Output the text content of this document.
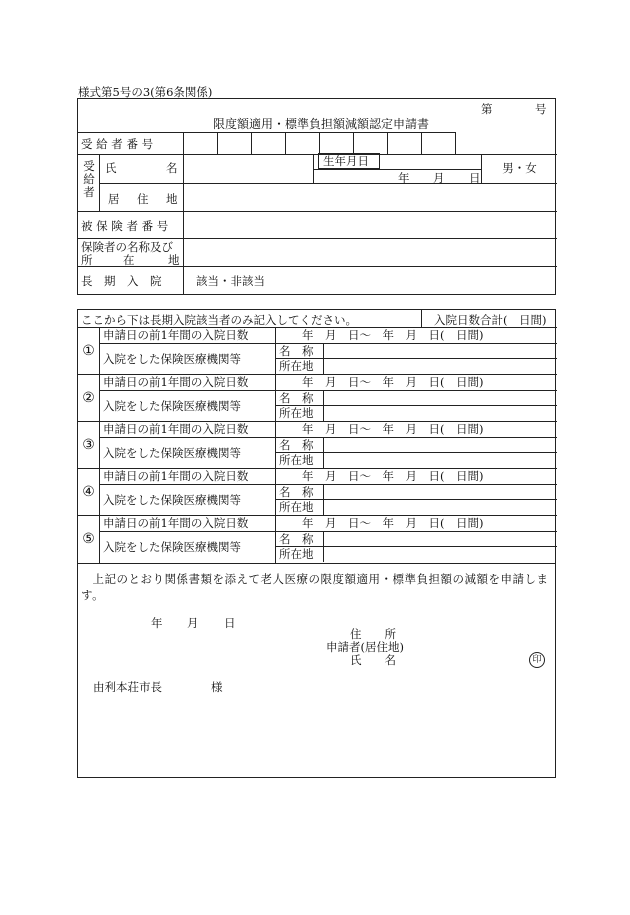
様式第5号の3(第6条関係)
第	号
限度額適用・標準負担額減額認定申請書
受 給 者 番 号									
受
給
者
氏	名	生年月日
年 月 日
男・女
居 住 地
被 保 険 者 番 号
保険者の名称及び
所	在	地
長　期　入　院	該当・非該当
ここから下は長期入院該当者のみ記入してください。	入院日数合計(　日間)
①
申請日の前1年間の入院日数	年　月　日～　年　月　日(　日間)
入院をした保険医療機関等
名　称
所在地
②
申請日の前1年間の入院日数	年　月　日～　年　月　日(　日間)
入院をした保険医療機関等
名　称
所在地
③
申請日の前1年間の入院日数	年　月　日～　年　月　日(　日間)
入院をした保険医療機関等
名　称
所在地
④
申請日の前1年間の入院日数	年　月　日～　年　月　日(　日間)
入院をした保険医療機関等
名　称
所在地
⑤
申請日の前1年間の入院日数	年　月　日～　年　月　日(　日間)
入院をした保険医療機関等
名　称
所在地
上記のとおり関係書類を添えて老人医療の限度額適用・標準負担額の減額を申請します。
年 月 日
住　　所
申請者(居住地)
氏　　名	印
由利本荘市長	様
